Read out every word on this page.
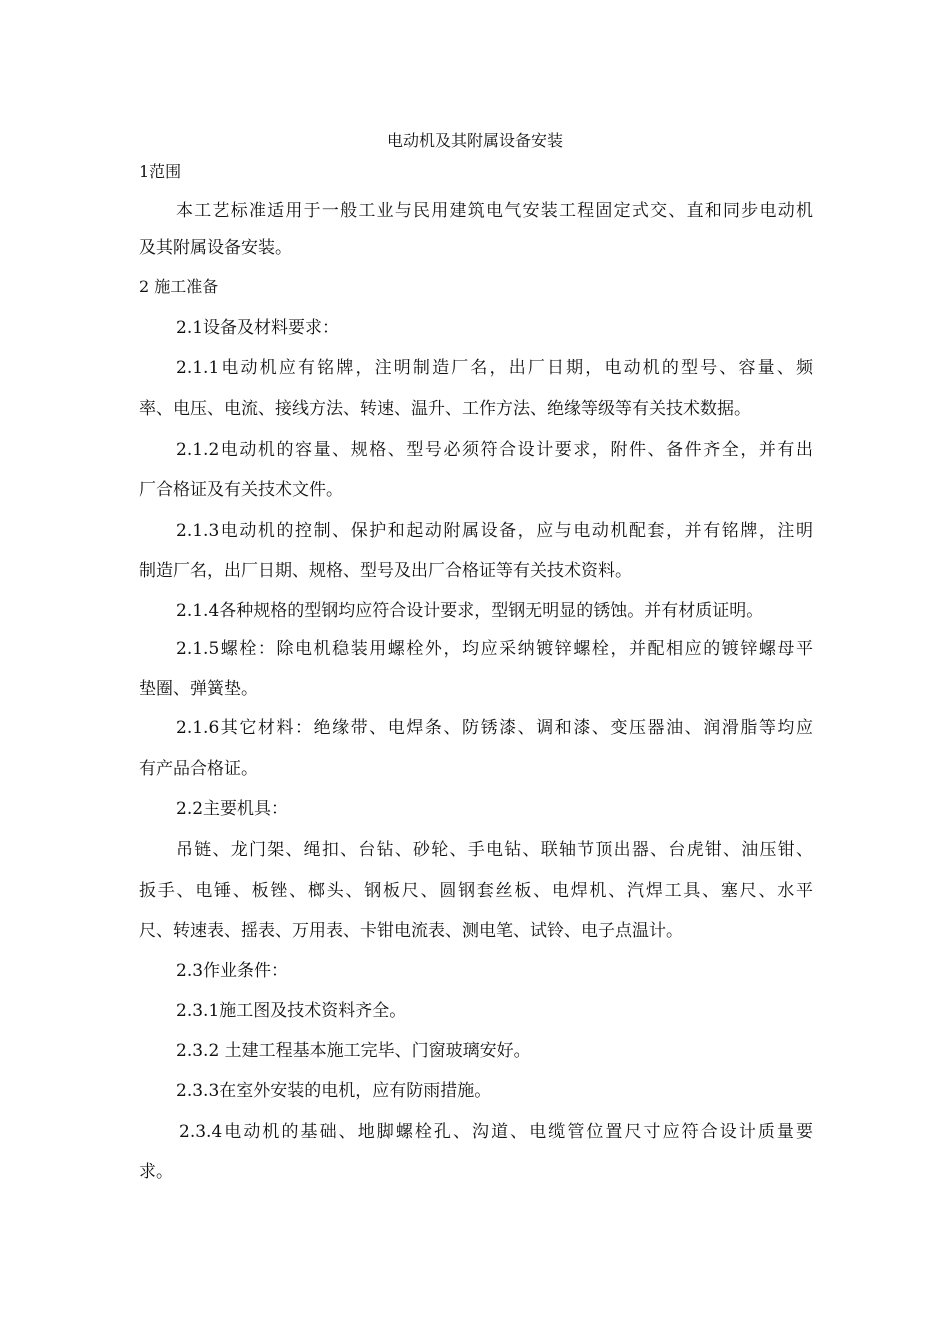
电动机及其附属设备安装
1范围
本工艺标准适用于一般工业与民用建筑电气安装工程固定式交、直和同步电动机
及其附属设备安装。
2 施工准备
2.1设备及材料要求：
2.1.1电动机应有铭牌，注明制造厂名，出厂日期，电动机的型号、容量、频
率、电压、电流、接线方法、转速、温升、工作方法、绝缘等级等有关技术数据。
2.1.2电动机的容量、规格、型号必须符合设计要求，附件、备件齐全，并有出
厂合格证及有关技术文件。
2.1.3电动机的控制、保护和起动附属设备，应与电动机配套，并有铭牌，注明
制造厂名，出厂日期、规格、型号及出厂合格证等有关技术资料。
2.1.4各种规格的型钢均应符合设计要求，型钢无明显的锈蚀。并有材质证明。
2.1.5螺栓：除电机稳装用螺栓外，均应采纳镀锌螺栓，并配相应的镀锌螺母平
垫圈、弹簧垫。
2.1.6其它材料：绝缘带、电焊条、防锈漆、调和漆、变压器油、润滑脂等均应
有产品合格证。
2.2主要机具：
吊链、龙门架、绳扣、台钻、砂轮、手电钻、联轴节顶出器、台虎钳、油压钳、
扳手、电锤、板锉、榔头、钢板尺、圆钢套丝板、电焊机、汽焊工具、塞尺、水平
尺、转速表、摇表、万用表、卡钳电流表、测电笔、试铃、电子点温计。
2.3作业条件：
2.3.1施工图及技术资料齐全。
2.3.2 土建工程基本施工完毕、门窗玻璃安好。
2.3.3在室外安装的电机，应有防雨措施。
2.3.4电动机的基础、地脚螺栓孔、沟道、电缆管位置尺寸应符合设计质量要
求。
